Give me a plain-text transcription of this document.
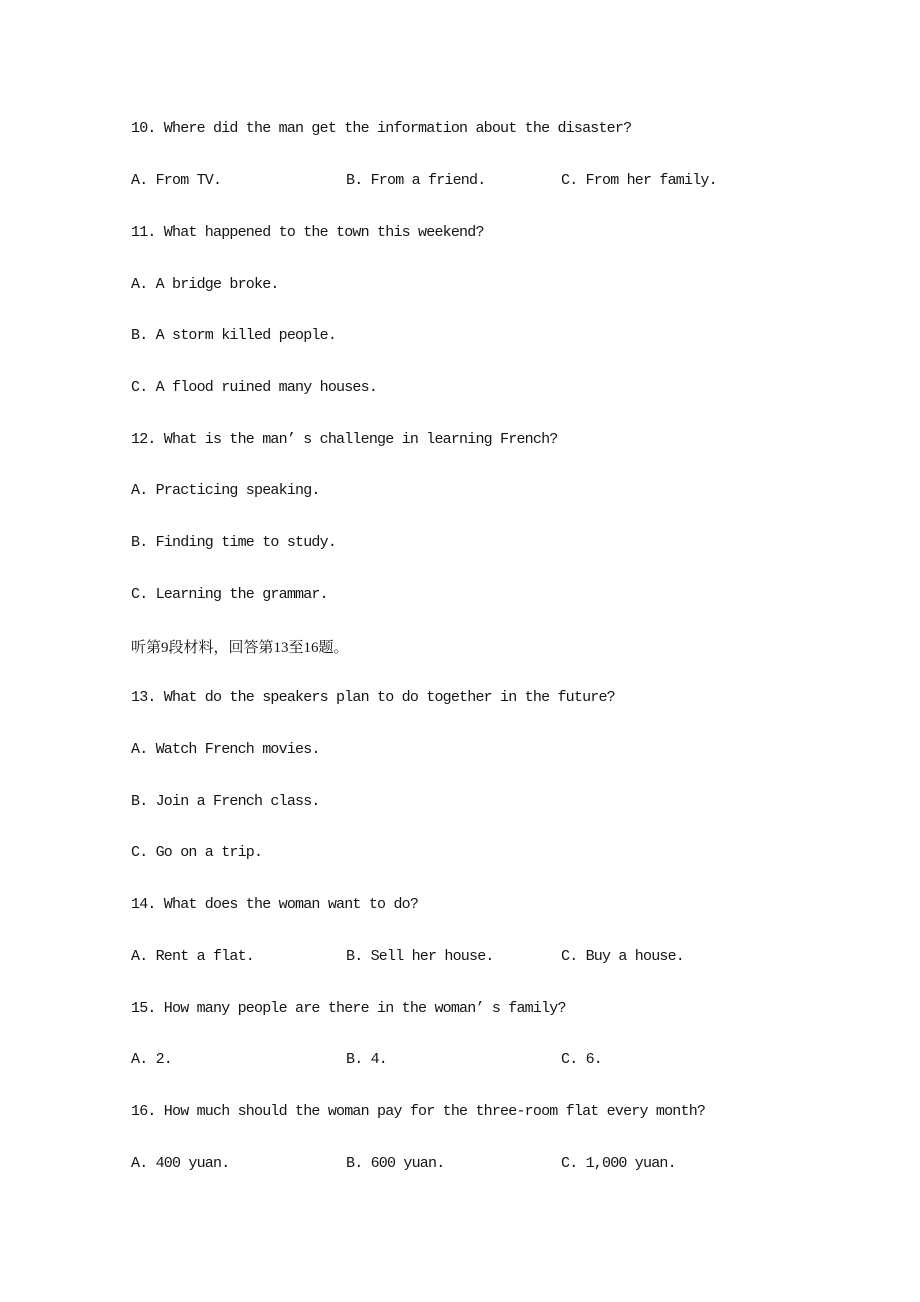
10. Where did the man get the information about the disaster?
A. From TV.	B. From a friend.	C. From her family.
11. What happened to the town this weekend?
A. A bridge broke.
B. A storm killed people.
C. A flood ruined many houses.
12. What is the man’ s challenge in learning French?
A. Practicing speaking.
B. Finding time to study.
C. Learning the grammar.
听第9段材料，回答第13至16题。
13. What do the speakers plan to do together in the future?
A. Watch French movies.
B. Join a French class.
C. Go on a trip.
14. What does the woman want to do?
A. Rent a flat.	B. Sell her house.	C. Buy a house.
15. How many people are there in the woman’ s family?
A. 2.	B. 4.	C. 6.
16. How much should the woman pay for the three-room flat every month?
A. 400 yuan.	B. 600 yuan.	C. 1,000 yuan.
